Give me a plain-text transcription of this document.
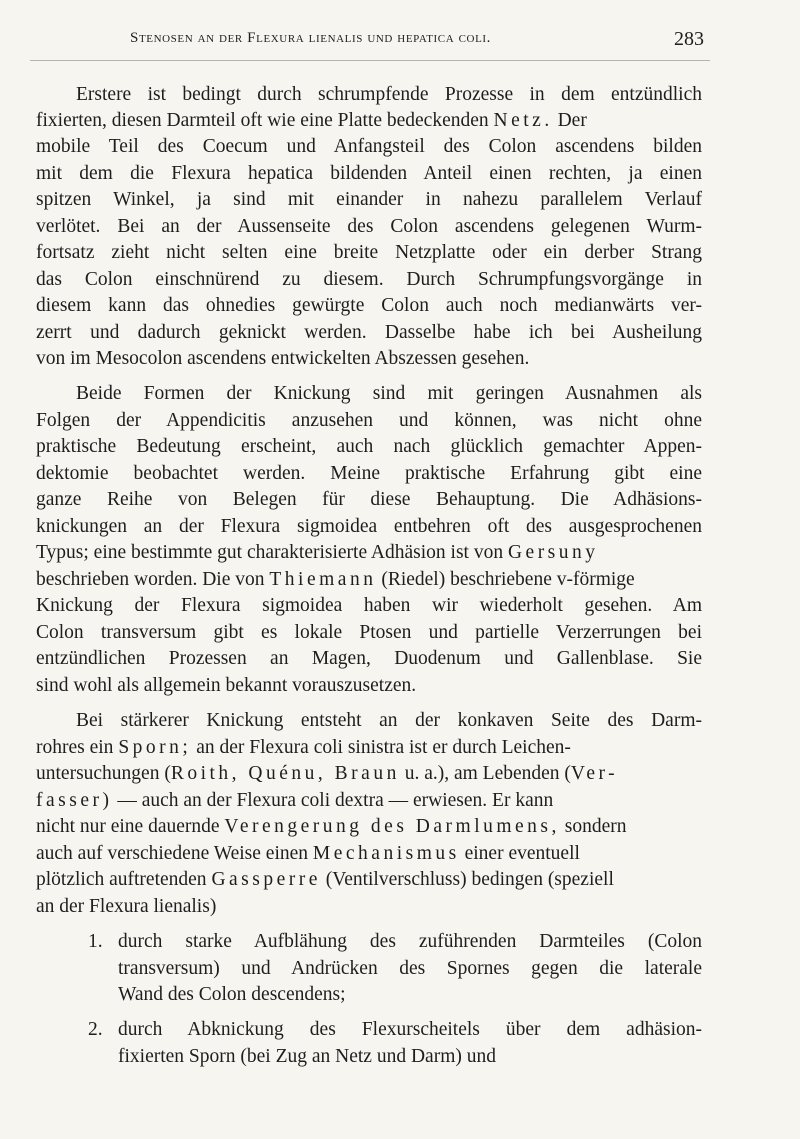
Stenosen an der Flexura lienalis und hepatica coli.	283
Erstere ist bedingt durch schrumpfende Prozesse in dem entzündlich
fixierten, diesen Darmteil oft wie eine Platte bedeckenden Netz. Der
mobile Teil des Coecum und Anfangsteil des Colon ascendens bilden
mit dem die Flexura hepatica bildenden Anteil einen rechten, ja einen
spitzen Winkel, ja sind mit einander in nahezu parallelem Verlauf
verlötet. Bei an der Aussenseite des Colon ascendens gelegenen Wurm-
fortsatz zieht nicht selten eine breite Netzplatte oder ein derber Strang
das Colon einschnürend zu diesem. Durch Schrumpfungsvorgänge in
diesem kann das ohnedies gewürgte Colon auch noch medianwärts ver-
zerrt und dadurch geknickt werden. Dasselbe habe ich bei Ausheilung
von im Mesocolon ascendens entwickelten Abszessen gesehen.
Beide Formen der Knickung sind mit geringen Ausnahmen als
Folgen der Appendicitis anzusehen und können, was nicht ohne
praktische Bedeutung erscheint, auch nach glücklich gemachter Appen-
dektomie beobachtet werden. Meine praktische Erfahrung gibt eine
ganze Reihe von Belegen für diese Behauptung. Die Adhäsions-
knickungen an der Flexura sigmoidea entbehren oft des ausgesprochenen
Typus; eine bestimmte gut charakterisierte Adhäsion ist von Gersuny
beschrieben worden. Die von Thiemann (Riedel) beschriebene v-förmige
Knickung der Flexura sigmoidea haben wir wiederholt gesehen. Am
Colon transversum gibt es lokale Ptosen und partielle Verzerrungen bei
entzündlichen Prozessen an Magen, Duodenum und Gallenblase. Sie
sind wohl als allgemein bekannt vorauszusetzen.
Bei stärkerer Knickung entsteht an der konkaven Seite des Darm-
rohres ein Sporn; an der Flexura coli sinistra ist er durch Leichen-
untersuchungen (Roith, Quénu, Braun u. a.), am Lebenden (Ver-
fasser) — auch an der Flexura coli dextra — erwiesen. Er kann
nicht nur eine dauernde Verengerung des Darmlumens, sondern
auch auf verschiedene Weise einen Mechanismus einer eventuell
plötzlich auftretenden Gassperre (Ventilverschluss) bedingen (speziell
an der Flexura lienalis)
1. durch starke Aufblähung des zuführenden Darmteiles (Colon
transversum) und Andrücken des Spornes gegen die laterale
Wand des Colon descendens;
2. durch Abknickung des Flexurscheitels über dem adhäsion-
fixierten Sporn (bei Zug an Netz und Darm) und
